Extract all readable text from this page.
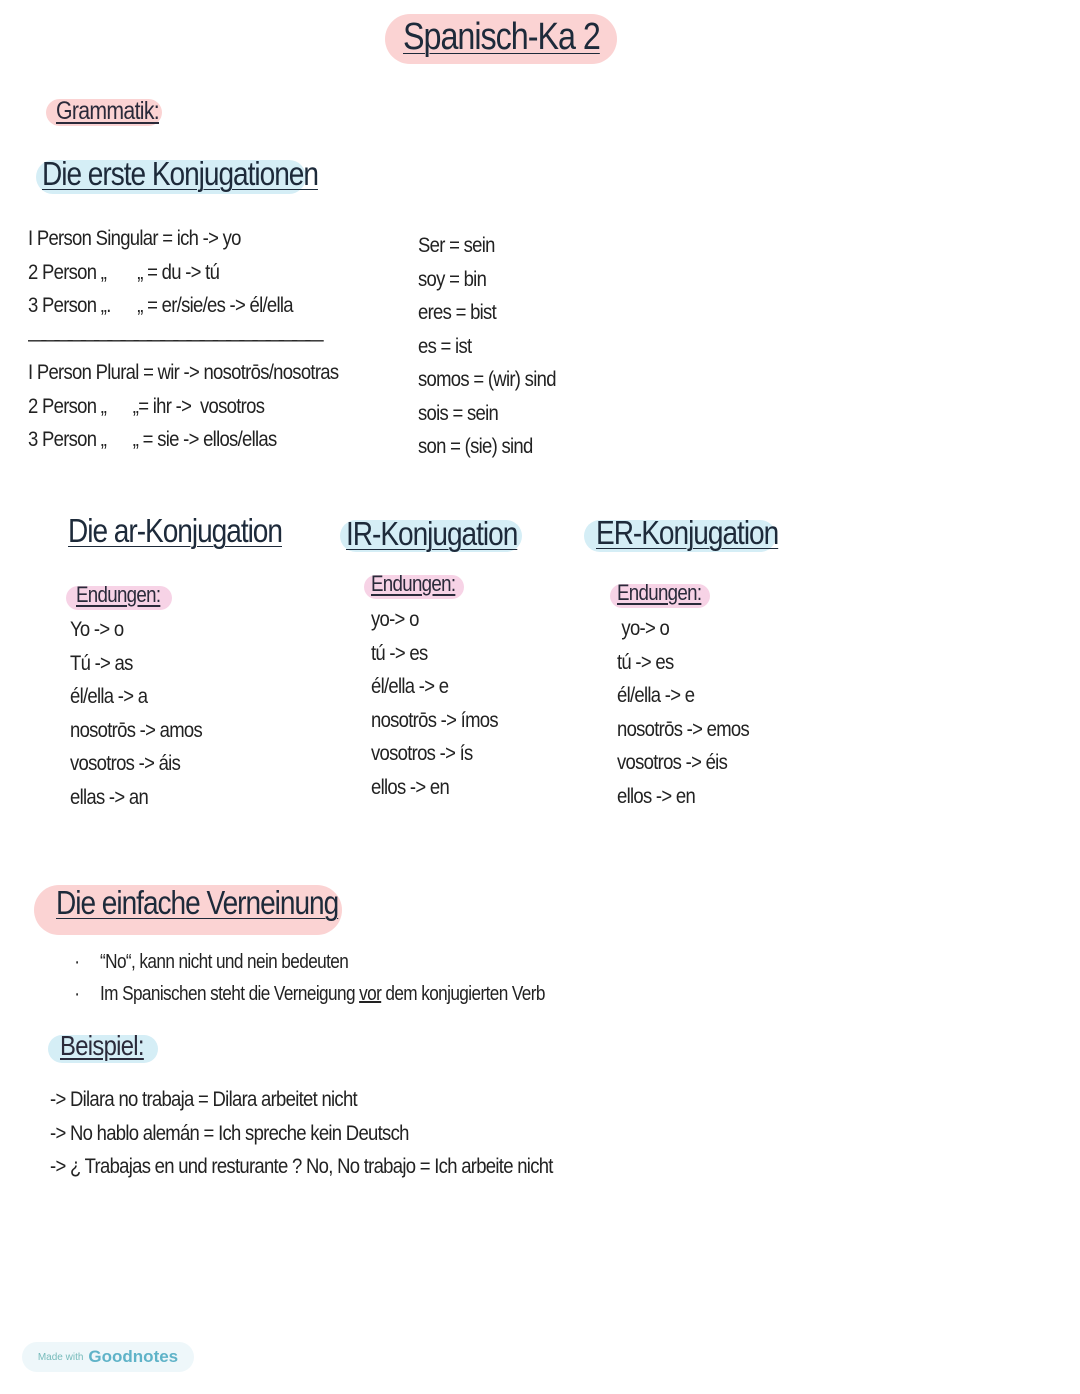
Spanisch-Ka 2
Grammatik:
Die erste Konjugationen
I Person Singular = ich -> yo
2 Person „       „ = du -> tú
3 Person „.      „ = er/sie/es -> él/ella
——————————————————————
I Person Plural = wir -> nosotrōs/nosotras
2 Person „      „= ihr ->  vosotros
3 Person „      „ = sie -> ellos/ellas
Ser = sein
soy = bin
eres = bist
es = ist
somos = (wir) sind
sois = sein
son = (sie) sind
Die ar-Konjugation
Endungen:
Yo -> o
Tú -> as
él/ella -> a
nosotrōs -> amos
vosotros -> áis
ellas -> an
IR-Konjugation
Endungen:
yo-> o
tú -> es
él/ella -> e
nosotrōs -> ímos
vosotros -> ís
ellos -> en
ER-Konjugation
Endungen:
yo-> o
tú -> es
él/ella -> e
nosotrōs -> emos
vosotros -> éis
ellos -> en
Die einfache Verneinung
· “No“, kann nicht und nein bedeuten
· Im Spanischen steht die Verneigung vor dem konjugierten Verb
Beispiel:
-> Dilara no trabaja = Dilara arbeitet nicht
-> No hablo alemán = Ich spreche kein Deutsch
-> ¿ Trabajas en und resturante ? No, No trabajo = Ich arbeite nicht
Made with Goodnotes
